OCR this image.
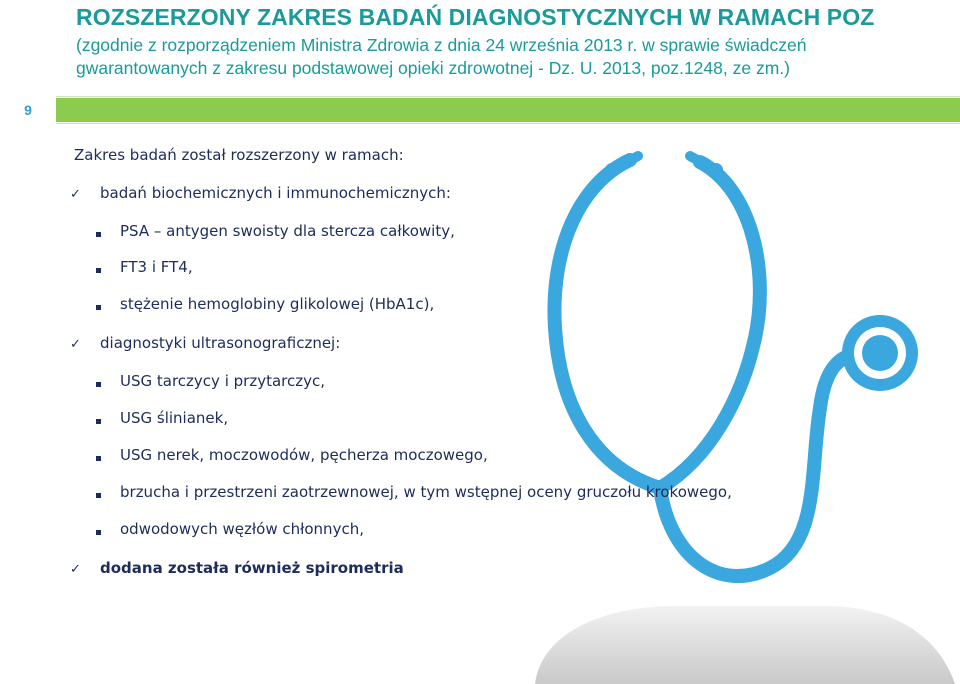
ROZSZERZONY ZAKRES BADAŃ DIAGNOSTYCZNYCH W RAMACH POZ

(zgodnie z rozporządzeniem Ministra Zdrowia z dnia 24 września 2013 r. w sprawie świadczeń gwarantowanych z zakresu podstawowej opieki zdrowotnej - Dz. U. 2013, poz.1248, ze zm.)

9
Zakres badań został rozszerzony w ramach:
✓ badań biochemicznych i immunochemicznych:
PSA – antygen swoisty dla stercza całkowity,
FT3 i FT4,
stężenie hemoglobiny glikolowej (HbA1c),
✓ diagnostyki ultrasonograficznej:
USG tarczycy i przytarczyc,
USG ślinianek,
USG nerek, moczowodów, pęcherza moczowego,
brzucha i przestrzeni zaotrzewnowej, w tym wstępnej oceny gruczołu krokowego,
odwodowych węzłów chłonnych,
✓ dodana została również spirometria
